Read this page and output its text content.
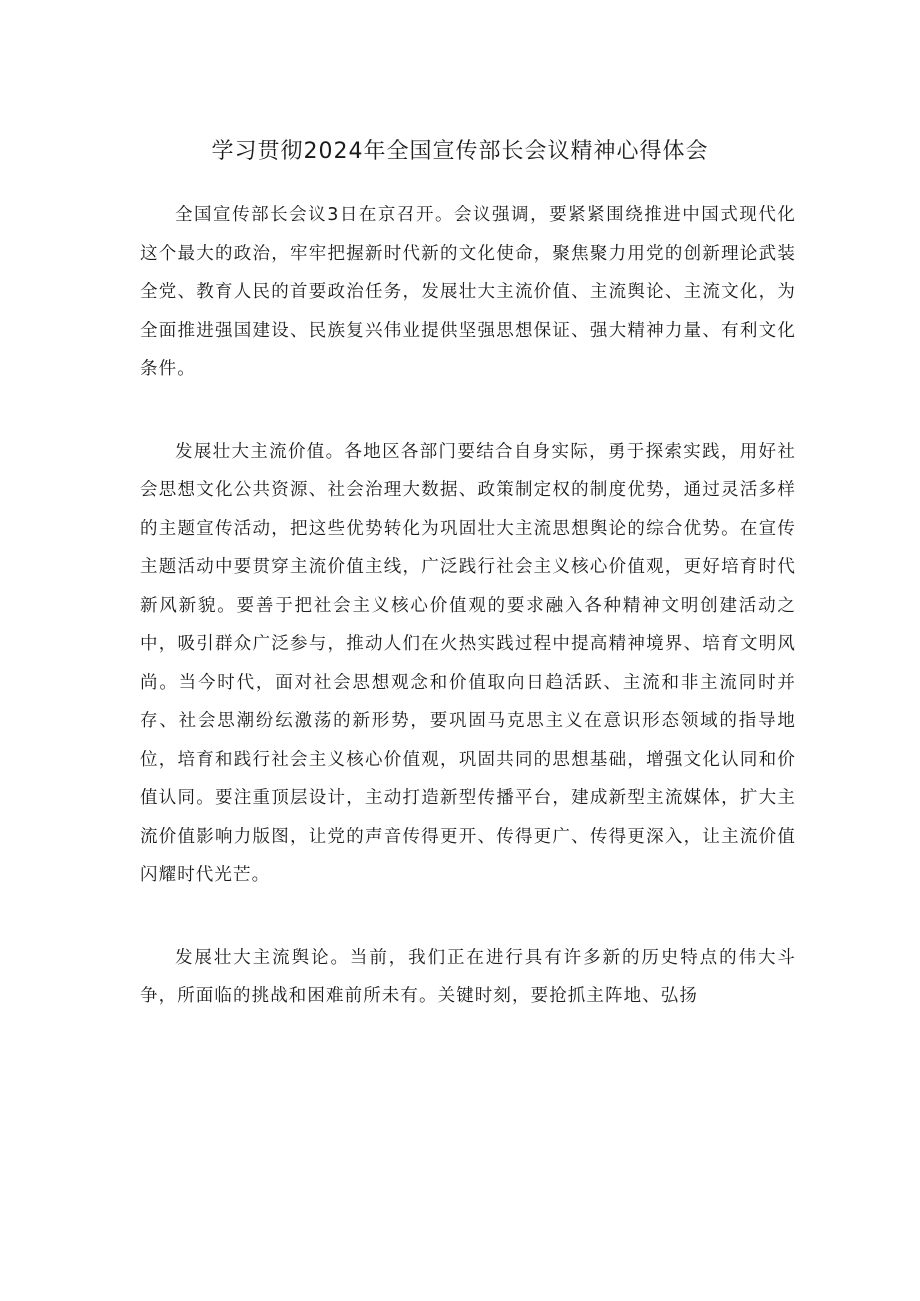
学习贯彻2024年全国宣传部长会议精神心得体会

全国宣传部长会议3日在京召开。会议强调，要紧紧围绕推进中国式现代化这个最大的政治，牢牢把握新时代新的文化使命，聚焦聚力用党的创新理论武装全党、教育人民的首要政治任务，发展壮大主流价值、主流舆论、主流文化，为全面推进强国建设、民族复兴伟业提供坚强思想保证、强大精神力量、有利文化条件。

发展壮大主流价值。各地区各部门要结合自身实际，勇于探索实践，用好社会思想文化公共资源、社会治理大数据、政策制定权的制度优势，通过灵活多样的主题宣传活动，把这些优势转化为巩固壮大主流思想舆论的综合优势。在宣传主题活动中要贯穿主流价值主线，广泛践行社会主义核心价值观，更好培育时代新风新貌。要善于把社会主义核心价值观的要求融入各种精神文明创建活动之中，吸引群众广泛参与，推动人们在火热实践过程中提高精神境界、培育文明风尚。当今时代，面对社会思想观念和价值取向日趋活跃、主流和非主流同时并存、社会思潮纷纭激荡的新形势，要巩固马克思主义在意识形态领域的指导地位，培育和践行社会主义核心价值观，巩固共同的思想基础，增强文化认同和价值认同。要注重顶层设计，主动打造新型传播平台，建成新型主流媒体，扩大主流价值影响力版图，让党的声音传得更开、传得更广、传得更深入，让主流价值闪耀时代光芒。

发展壮大主流舆论。当前，我们正在进行具有许多新的历史特点的伟大斗争，所面临的挑战和困难前所未有。关键时刻，要抢抓主阵地、弘扬
